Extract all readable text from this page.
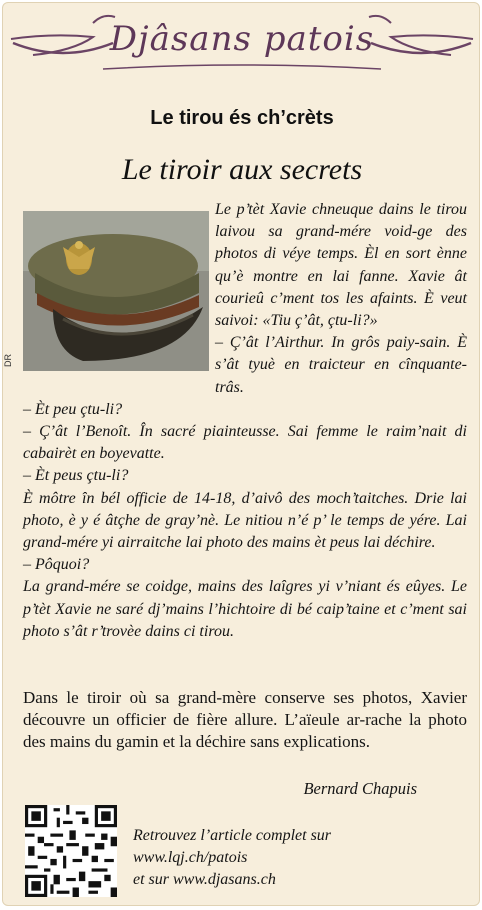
Djâsans patois
Le tirou és ch’crèts
Le tiroir aux secrets
DR

Le p’tèt Xavie chneuque dains le tirou laivou sa grand-mére void-ge des photos di véye temps. Èl en sort ènne qu’è montre en lai fanne. Xavie ât courieû c’ment tos les afaints. È veut saivoi: «Tiu ç’ât, çtu-li?»

– Ç’ât l’Airthur. In grôs paiy-sain. È s’ât tyuè en traicteur en cînquante-trâs.

– Èt peu çtu-li?

– Ç’ât l’Benoît. În sacré piainteusse. Sai femme le raim’nait di cabairèt en boyevatte.

– Èt peus çtu-li?

È môtre în bél officie de 14-18, d’aivô des moch’taitches. Drie lai photo, è y é âtçhe de gray’nè. Le nitiou n’é p’ le temps de yére. Lai grand-mére yi airraitche lai photo des mains èt peus lai déchire.

– Pôquoi?

La grand-mére se coidge, mains des laîgres yi v’niant és eûyes. Le p’tèt Xavie ne saré dj’mains l’hichtoire di bé caip’taine et c’ment sai photo s’ât r’trovèe dains ci tirou.

Dans le tiroir où sa grand-mère conserve ses photos, Xavier découvre un officier de fière allure. L’aïeule ar-rache la photo des mains du gamin et la déchire sans explications.
Bernard Chapuis
Retrouvez l’article complet sur
www.lqj.ch/patois
et sur www.djasans.ch
